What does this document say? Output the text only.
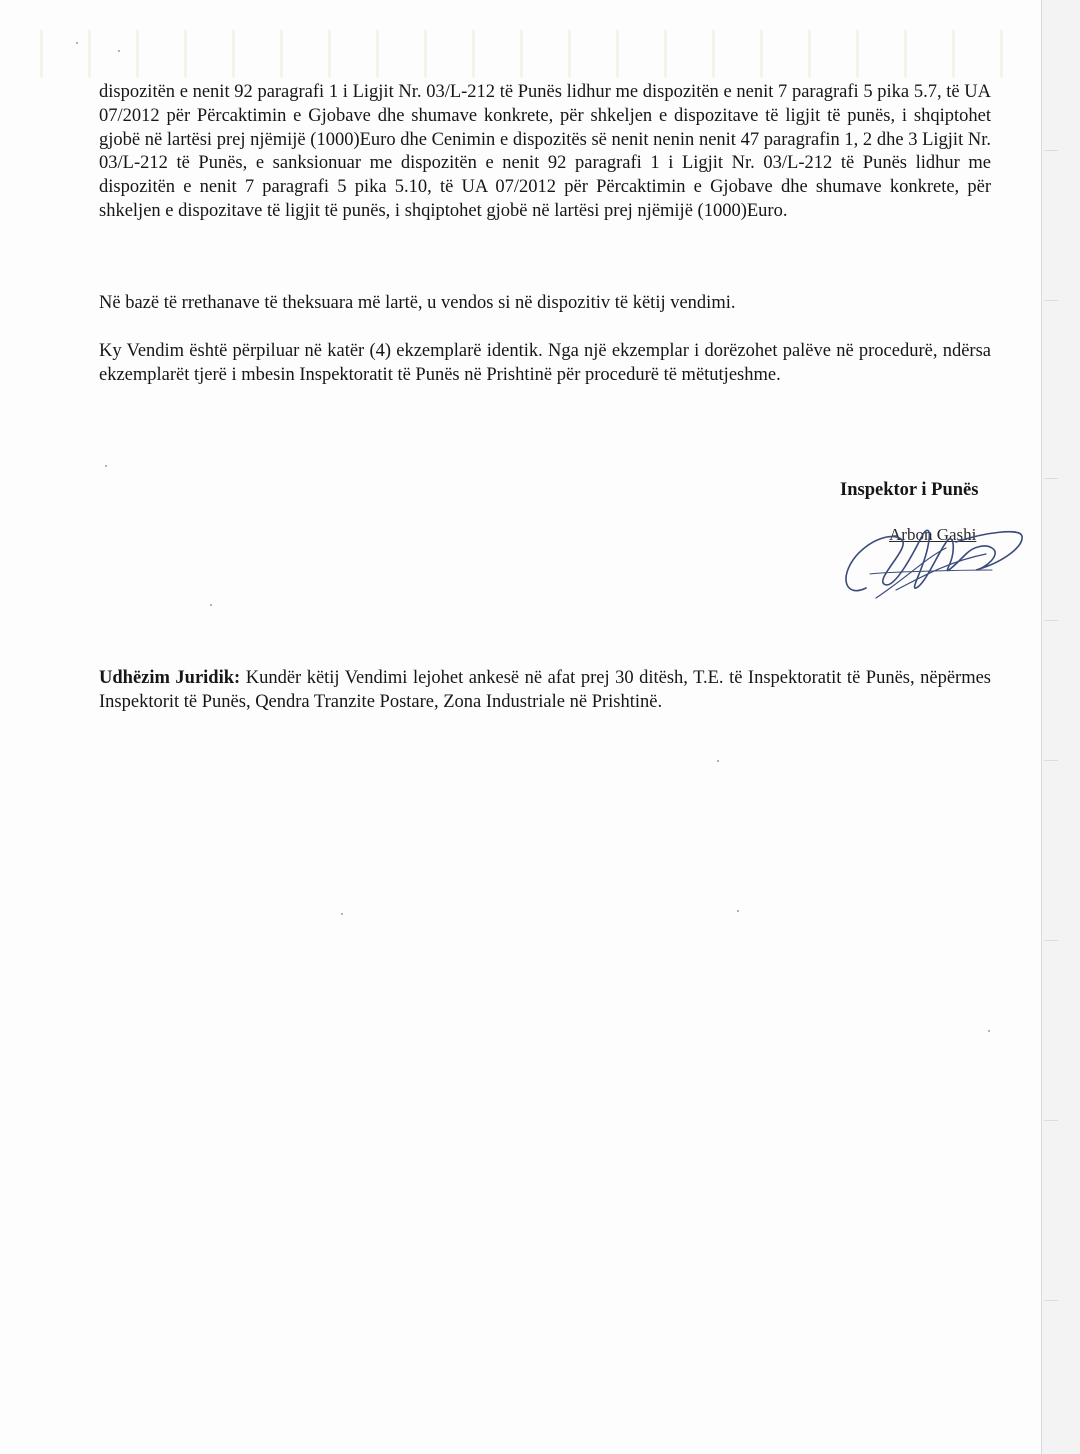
dispozitën e nenit 92 paragrafi 1 i Ligjit Nr. 03/L-212 të Punës lidhur me dispozitën e nenit 7 paragrafi 5 pika 5.7, të UA 07/2012 për Përcaktimin e Gjobave dhe shumave konkrete, për shkeljen e dispozitave të ligjit të punës, i shqiptohet gjobë në lartësi prej njëmijë (1000)Euro dhe Cenimin e dispozitës së nenit nenin nenit 47 paragrafin 1, 2 dhe 3 Ligjit Nr. 03/L-212 të Punës, e sanksionuar me dispozitën e nenit 92 paragrafi 1 i Ligjit Nr. 03/L-212 të Punës lidhur me dispozitën e nenit 7 paragrafi 5 pika 5.10, të UA 07/2012 për Përcaktimin e Gjobave dhe shumave konkrete, për shkeljen e dispozitave të ligjit të punës, i shqiptohet gjobë në lartësi prej njëmijë (1000)Euro.

Në bazë të rrethanave të theksuara më lartë, u vendos si në dispozitiv të këtij vendimi.

Ky Vendim është përpiluar në katër (4) ekzemplarë identik. Nga një ekzemplar i dorëzohet palëve në procedurë, ndërsa ekzemplarët tjerë i mbesin Inspektoratit të Punës në Prishtinë për procedurë të mëtutjeshme.

Inspektor i Punës

Arbon Gashi

Udhëzim Juridik: Kundër këtij Vendimi lejohet ankesë në afat prej 30 ditësh, T.E. të Inspektoratit të Punës, nëpërmes Inspektorit të Punës, Qendra Tranzite Postare, Zona Industriale në Prishtinë.
